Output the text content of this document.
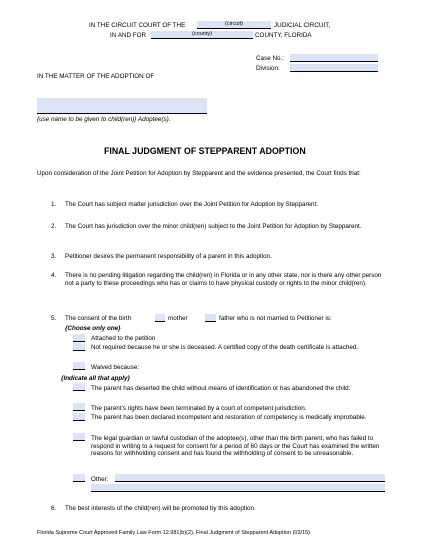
IN THE CIRCUIT COURT OF THE	(circuit)	JUDICIAL CIRCUIT,
IN AND FOR	(county)	COUNTY, FLORIDA
Case No.:
Division:
IN THE MATTER OF THE ADOPTION OF
{use name to be given to child(ren)} Adoptee(s).
FINAL JUDGMENT OF STEPPARENT ADOPTION
Upon consideration of the Joint Petition for Adoption by Stepparent and the evidence presented, the Court finds that:
1. The Court has subject matter jurisdiction over the Joint Petition for Adoption by Stepparent.
2. The Court has jurisdiction over the minor child(ren) subject to the Joint Petition for Adoption by Stepparent.
3. Petitioner desires the permanent responsibility of a parent in this adoption.
4. There is no pending litigation regarding the child(ren) in Florida or in any other state, nor is there any other person not a party to these proceedings who has or claims to have physical custody or rights to the minor child(ren).
5. The consent of the birth	mother	father who is not married to Petitioner is:
{Choose only one}
Attached to the petition
Not required because he or she is deceased. A certified copy of the death certificate is attached.
Waived because:
{Indicate all that apply}
The parent has deserted the child without means of identification or has abandoned the child.
The parent’s rights have been terminated by a court of competent jurisdiction.
The parent has been declared incompetent and restoration of competency is medically improbable.
The legal guardian or lawful custodian of the adoptee(s), other than the birth parent, who has failed to respond in writing to a request for consent for a period of 60 days or the Court has examined the written reasons for withholding consent and has found the withholding of consent to be unreasonable.
Other:
6. The best interests of the child(ren) will be promoted by this adoption.
Florida Supreme Court Approved Family Law Form 12.981(b)(2), Final Judgment of Stepparent Adoption (03/15)
